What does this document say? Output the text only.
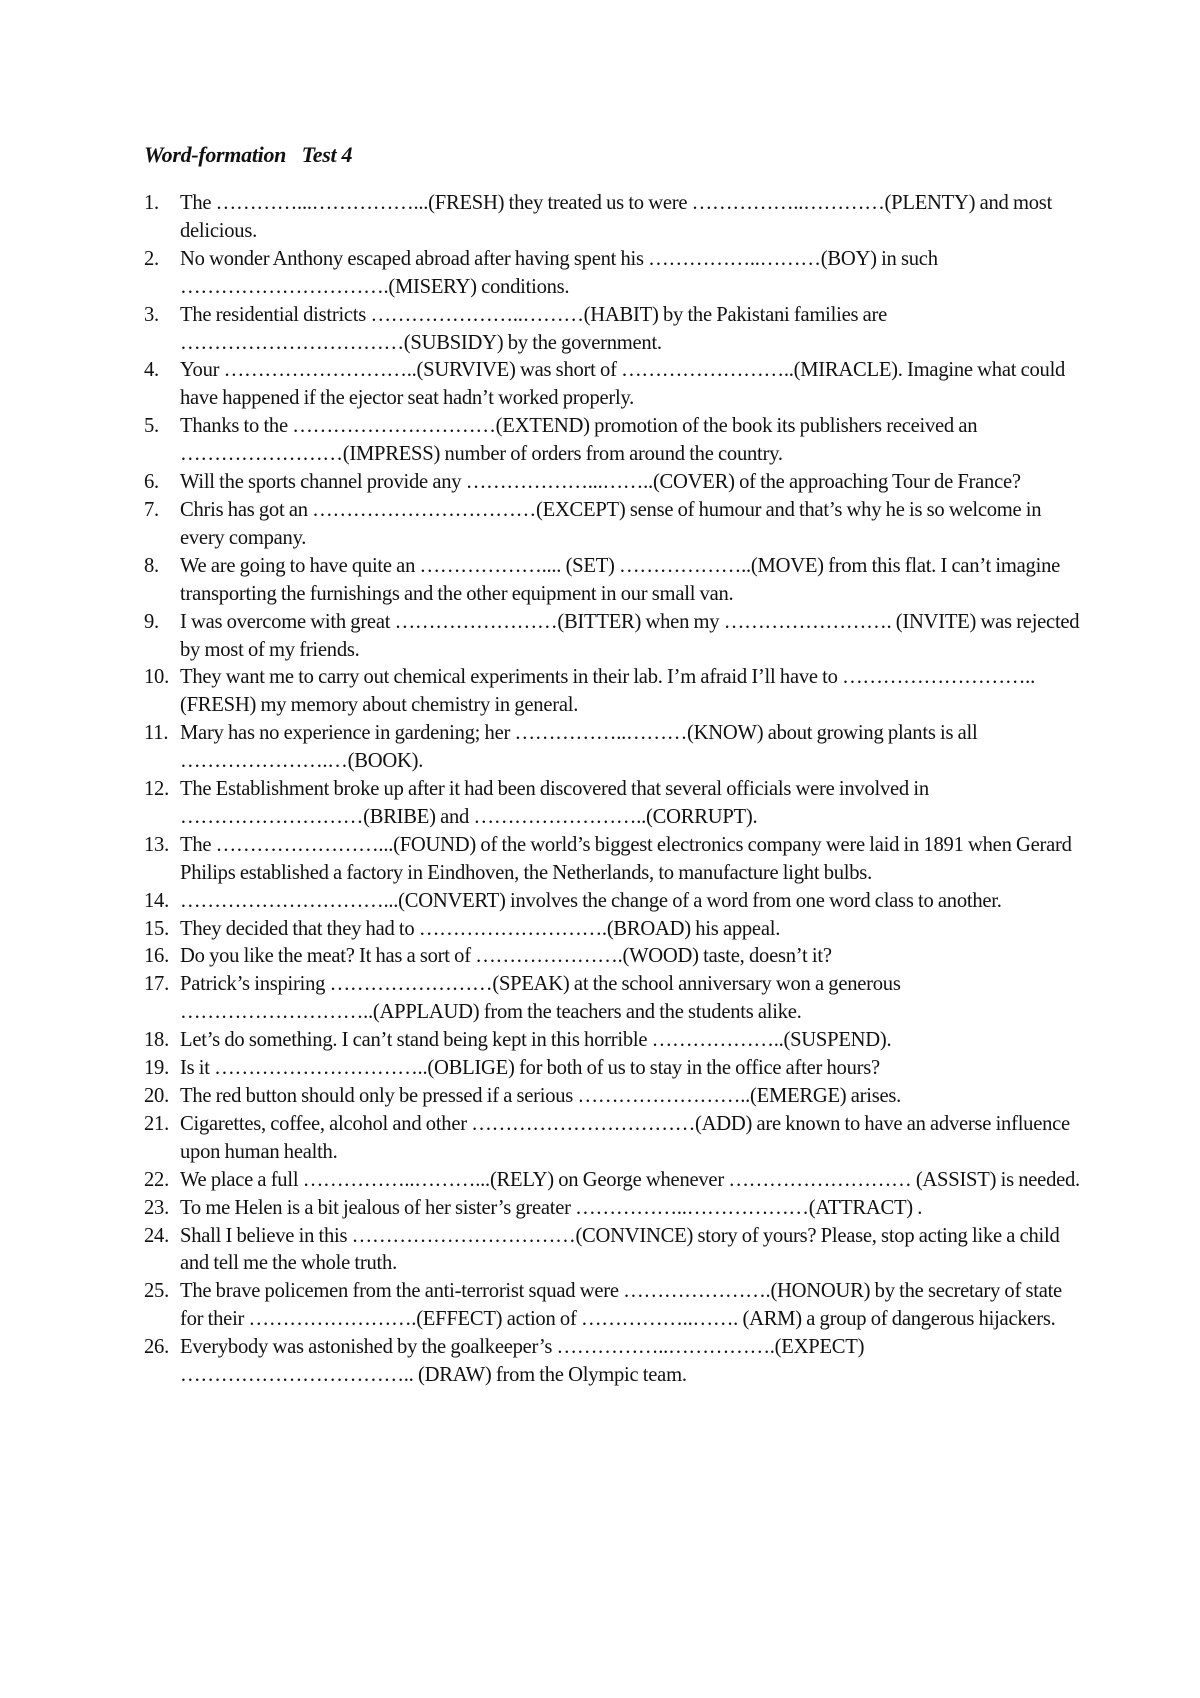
Word-formation   Test 4
1. The …………...……………...(FRESH) they treated us to were ……………..…………(PLENTY) and most delicious.
2. No wonder Anthony escaped abroad after having spent his ……………..………(BOY) in such ………………………….(MISERY) conditions.
3. The residential districts …………………..………(HABIT) by the Pakistani families are ……………………………(SUBSIDY) by the government.
4. Your ………………………..(SURVIVE) was short of ……………………..(MIRACLE). Imagine what could have happened if the ejector seat hadn’t worked properly.
5. Thanks to the …………………………(EXTEND) promotion of the book its publishers received an ……………………(IMPRESS) number of orders from around the country.
6. Will the sports channel provide any ………………...……..(COVER) of the approaching Tour de France?
7. Chris has got an ……………………………(EXCEPT) sense of humour and that’s why he is so welcome in every company.
8. We are going to have quite an ……………….... (SET) ………………..(MOVE) from this flat. I can’t imagine transporting the furnishings and the other equipment in our small van.
9. I was overcome with great ……………………(BITTER) when my ……………………. (INVITE) was rejected by most of my friends.
10. They want me to carry out chemical experiments in their lab. I’m afraid I’ll have to ………………………..(FRESH) my memory about chemistry in general.
11. Mary has no experience in gardening; her ……………..………(KNOW) about growing plants is all ………………….…(BOOK).
12. The Establishment broke up after it had been discovered that several officials were involved in ………………………(BRIBE) and ……………………..(CORRUPT).
13. The ……………………...(FOUND) of the world’s biggest electronics company were laid in 1891 when Gerard Philips established a factory in Eindhoven, the Netherlands, to manufacture light bulbs.
14. …………………………...(CONVERT) involves the change of a word from one word class to another.
15. They decided that they had to ……………………….(BROAD) his appeal.
16. Do you like the meat? It has a sort of ………………….(WOOD) taste, doesn’t it?
17. Patrick’s inspiring ……………………(SPEAK) at the school anniversary won a generous ………………………..(APPLAUD) from the teachers and the students alike.
18. Let’s do something. I can’t stand being kept in this horrible ………………..(SUSPEND).
19. Is it …………………………..(OBLIGE) for both of us to stay in the office after hours?
20. The red button should only be pressed if a serious ……………………..(EMERGE) arises.
21. Cigarettes, coffee, alcohol and other ……………………………(ADD) are known to have an adverse influence upon human health.
22. We place a full ……………..………...(RELY) on George whenever ……………………… (ASSIST) is needed.
23. To me Helen is a bit jealous of her sister’s greater ……………..………………(ATTRACT) .
24. Shall I believe in this ……………………………(CONVINCE) story of yours? Please, stop acting like a child and tell me the whole truth.
25. The brave policemen from the anti-terrorist squad were ………………….(HONOUR) by the secretary of state for their …………………….(EFFECT) action of ……………..……. (ARM) a group of dangerous hijackers.
26. Everybody was astonished by the goalkeeper’s ……………..…………….(EXPECT) …………………………….. (DRAW) from the Olympic team.
